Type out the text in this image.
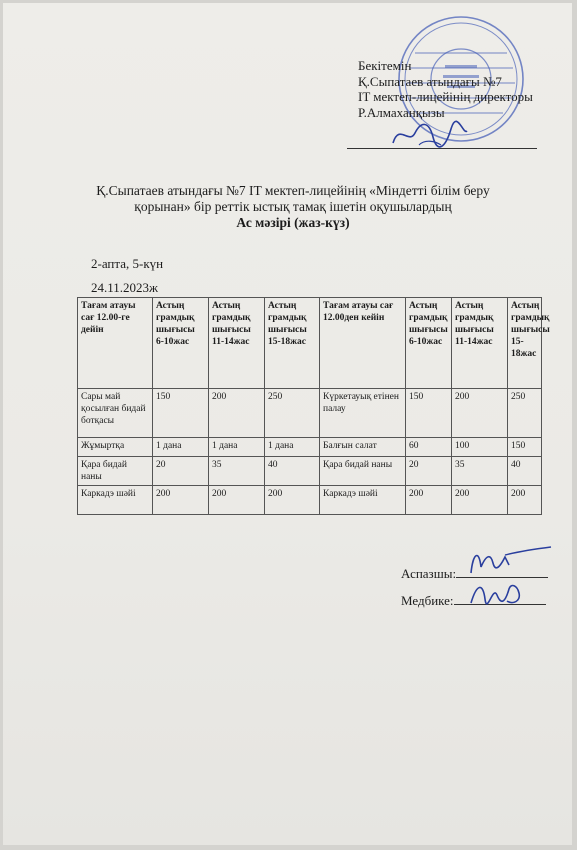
Бекітемін
Қ.Сыпатаев атындағы №7
IT мектеп-лицейінің директоры
Р.Алмаханқызы
Қ.Сыпатаев атындағы №7 IT мектеп-лицейінің «Міндетті білім беру
қорынан» бір реттік ыстық тамақ ішетін оқушылардың
Ас мәзірі (жаз-күз)
2-апта, 5-күн
24.11.2023ж
Тағам атауы сағ 12.00-ге дейін	Астың грамдық шығысы 6-10жас	Астың грамдық шығысы 11-14жас	Астың грамдық шығысы 15-18жас	Тағам атауы сағ 12.00ден кейін	Астың грамдық шығысы 6-10жас	Астың грамдық шығысы 11-14жас	Астың грамдық шығысы 15-18жас
Сары май қосылған бидай ботқасы	150	200	250	Күркетауық етінен палау	150	200	250
Жұмыртқа	1 дана	1 дана	1 дана	Балғын салат	60	100	150
Қара бидай наны	20	35	40	Қара бидай наны	20	35	40
Каркадэ шәйі	200	200	200	Каркадэ шәйі	200	200	200
Аспазшы:
Медбике:
